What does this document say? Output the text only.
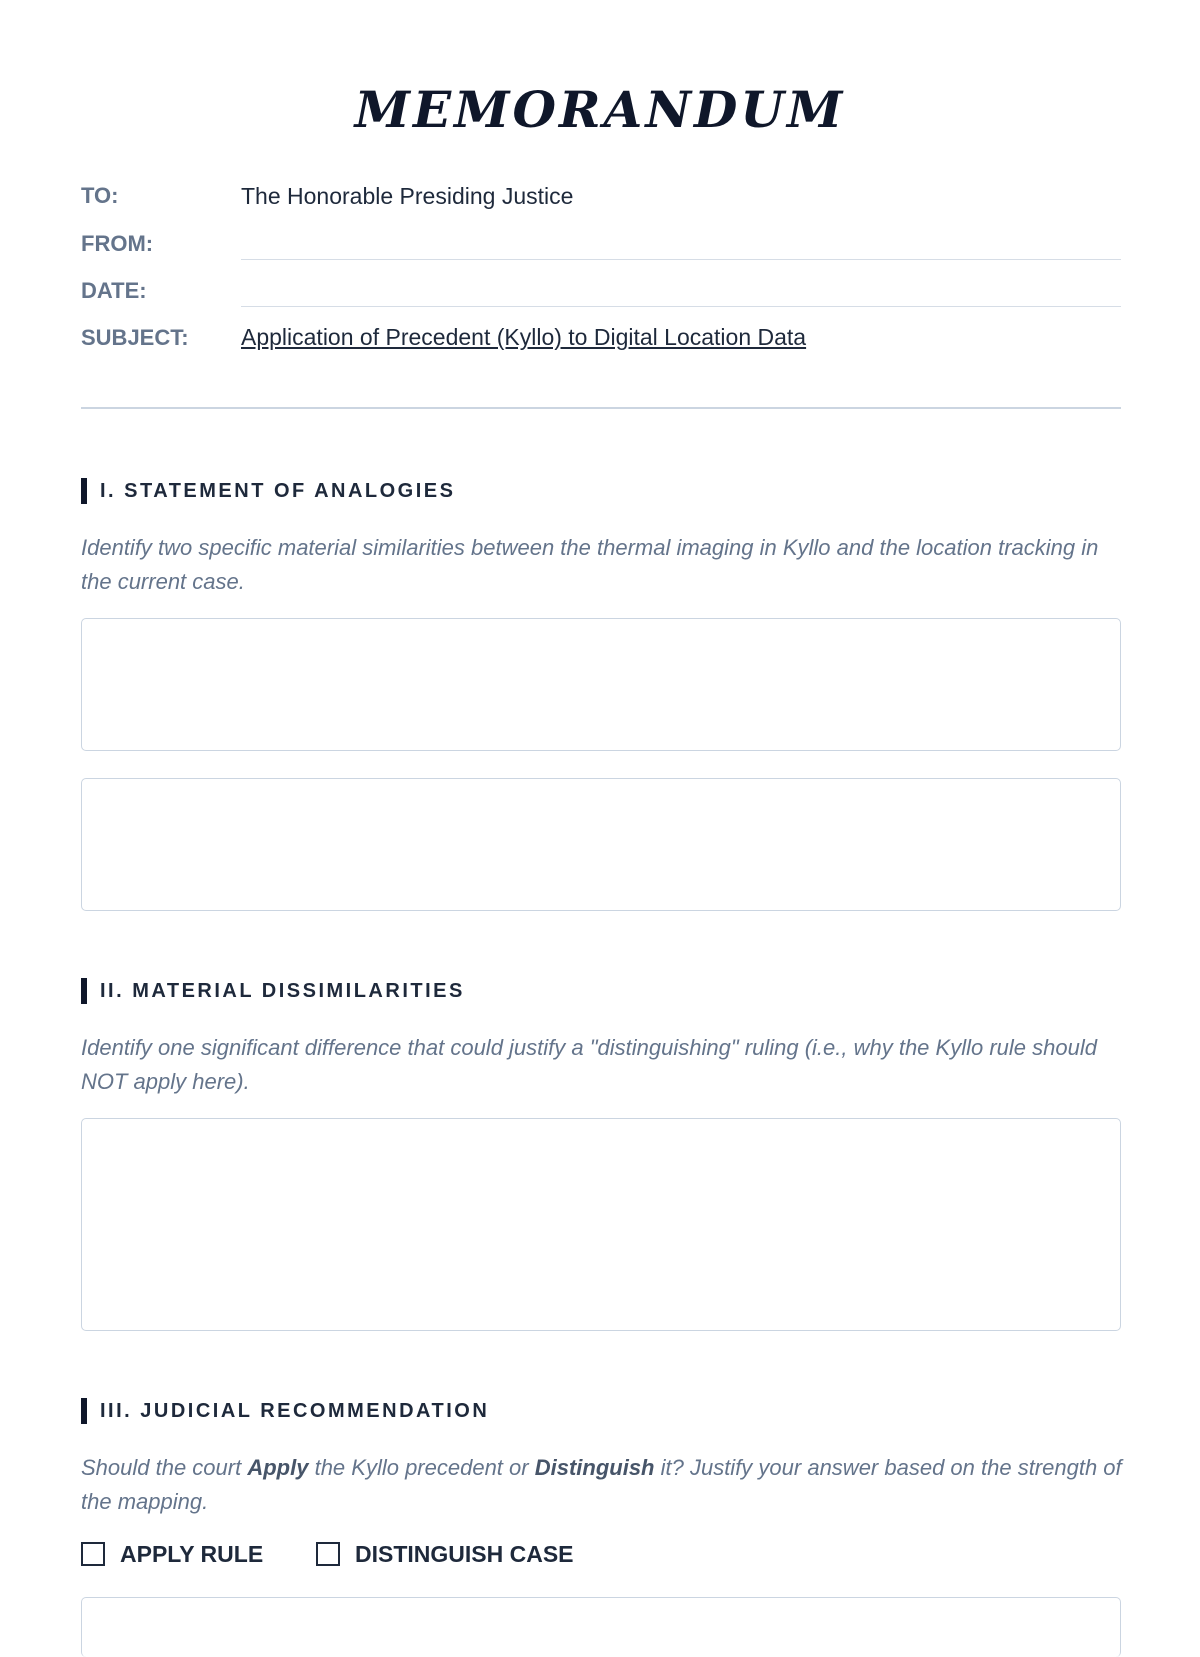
MEMORANDUM
TO:	The Honorable Presiding Justice
FROM:
DATE:
SUBJECT: Application of Precedent (Kyllo) to Digital Location Data
I. STATEMENT OF ANALOGIES
Identify two specific material similarities between the thermal imaging in Kyllo and the location tracking in the current case.
II. MATERIAL DISSIMILARITIES
Identify one significant difference that could justify a "distinguishing" ruling (i.e., why the Kyllo rule should NOT apply here).
III. JUDICIAL RECOMMENDATION
Should the court Apply the Kyllo precedent or Distinguish it? Justify your answer based on the strength of the mapping.
APPLY RULE	DISTINGUISH CASE
